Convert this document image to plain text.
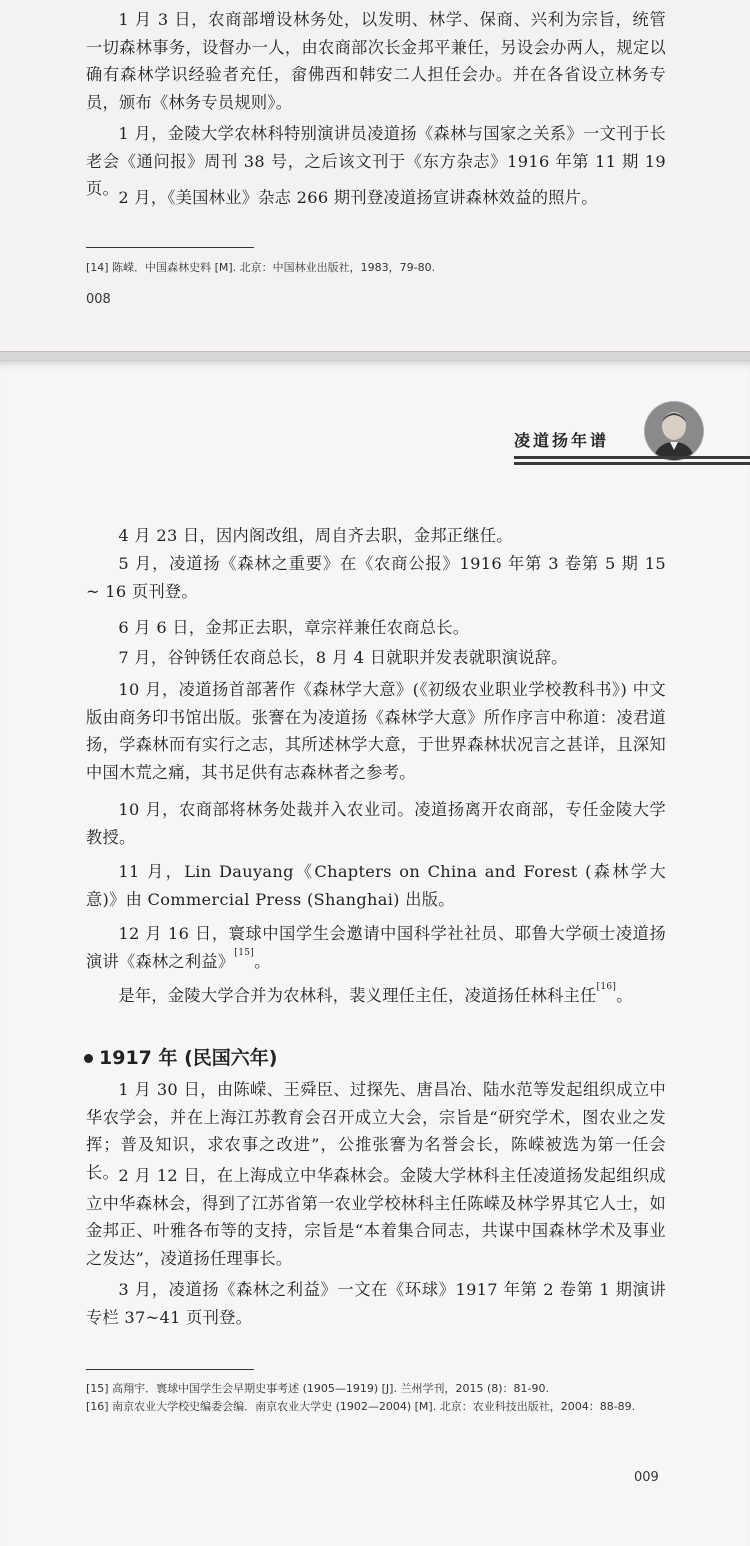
1 月 3 日，农商部增设林务处，以发明、林学、保商、兴利为宗旨，统管一切森林事务，设督办一人，由农商部次长金邦平兼任，另设会办两人，规定以确有森林学识经验者充任，畲佛西和韩安二人担任会办。并在各省设立林务专员，颁布《林务专员规则》。

1 月，金陵大学农林科特别演讲员凌道扬《森林与国家之关系》一文刊于长老会《通问报》周刊 38 号，之后该文刊于《东方杂志》1916 年第 11 期 19 页。 2 月，《美国林业》杂志 266 期刊登凌道扬宣讲森林效益的照片。

[14] 陈嵘．中国森林史料 [M]. 北京：中国林业出版社，1983，79-80.
008
凌道扬年谱

4 月 23 日，因内阁改组，周自齐去职，金邦正继任。

5 月，凌道扬《森林之重要》在《农商公报》1916 年第 3 卷第 5 期 15 ~ 16 页刊登。

6 月 6 日，金邦正去职，章宗祥兼任农商总长。

7 月，谷钟锈任农商总长，8 月 4 日就职并发表就职演说辞。

10 月，凌道扬首部著作《森林学大意》(《初级农业职业学校教科书》) 中文版由商务印书馆出版。张謇在为凌道扬《森林学大意》所作序言中称道：凌君道扬，学森林而有实行之志，其所述林学大意，于世界森林状况言之甚详，且深知中国木荒之痛，其书足供有志森林者之参考。

10 月，农商部将林务处裁并入农业司。凌道扬离开农商部，专任金陵大学教授。

11 月，Lin Dauyang《Chapters on China and Forest (森林学大意)》由 Commercial Press (Shanghai) 出版。

12 月 16 日，寰球中国学生会邀请中国科学社社员、耶鲁大学硕士凌道扬演讲《森林之利益》[15]。

是年，金陵大学合并为农林科，裴义理任主任，凌道扬任林科主任[16]。

1917 年 (民国六年)

1 月 30 日，由陈嵘、王舜臣、过探先、唐昌冶、陆水范等发起组织成立中华农学会，并在上海江苏教育会召开成立大会，宗旨是“研究学术，图农业之发挥；普及知识，求农事之改进”，公推张謇为名誉会长，陈嵘被选为第一任会长。 2 月 12 日，在上海成立中华森林会。金陵大学林科主任凌道扬发起组织成立中华森林会，得到了江苏省第一农业学校林科主任陈嵘及林学界其它人士，如金邦正、叶雅各布等的支持，宗旨是“本着集合同志，共谋中国森林学术及事业之发达”，凌道扬任理事长。

3 月，凌道扬《森林之利益》一文在《环球》1917 年第 2 卷第 1 期演讲专栏 37~41 页刊登。

[15] 高翔宇．寰球中国学生会早期史事考述 (1905—1919) [J]. 兰州学刊，2015 (8)：81-90.
[16] 南京农业大学校史编委会编．南京农业大学史 (1902—2004) [M]. 北京：农业科技出版社，2004：88-89.
009
